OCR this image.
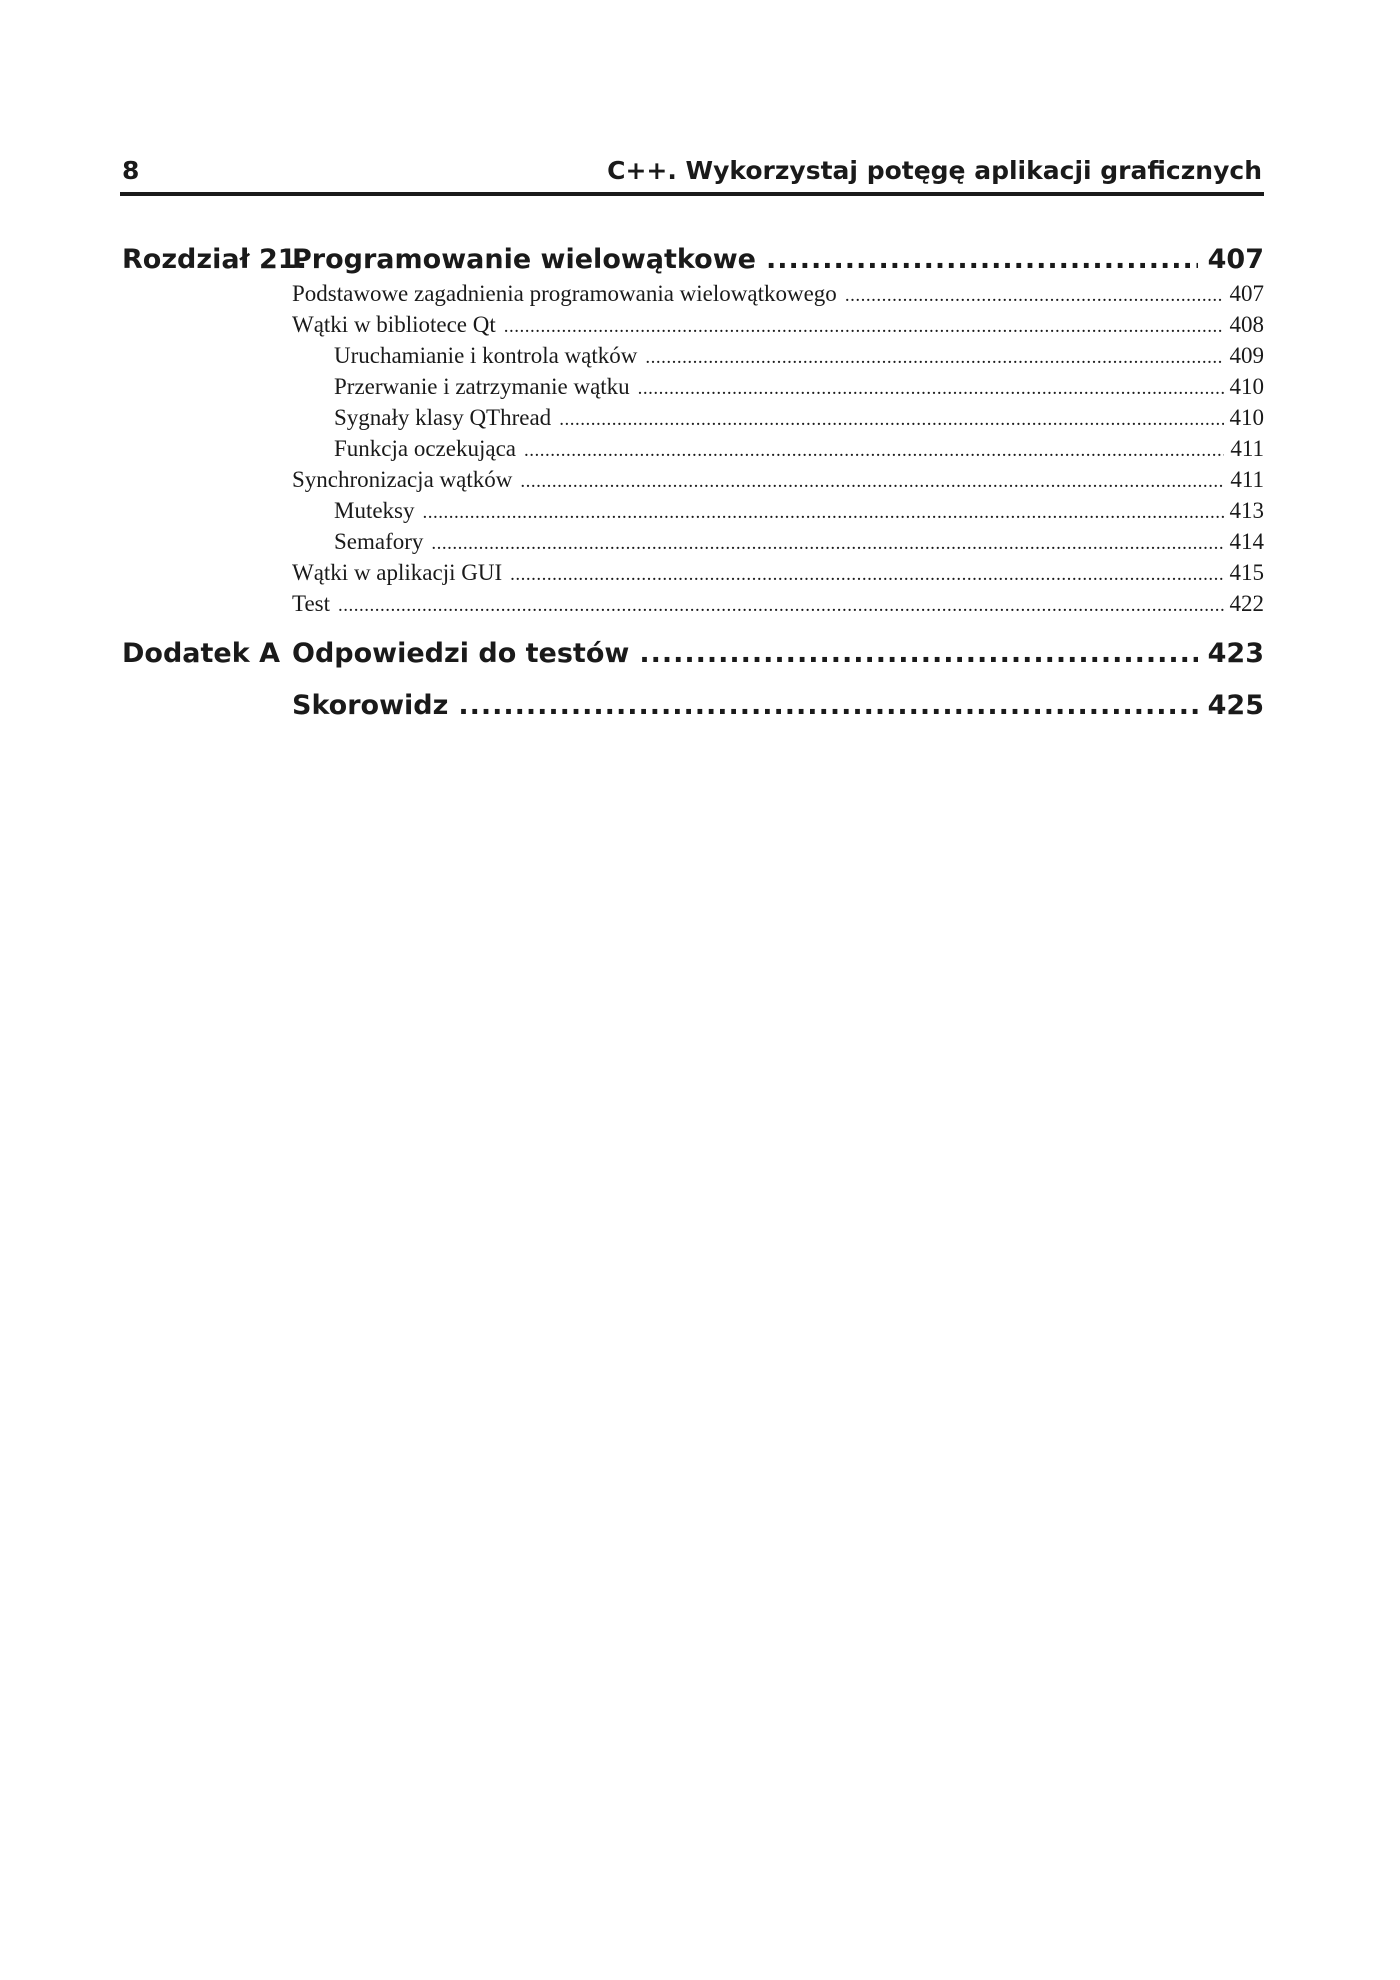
8	C++. Wykorzystaj potęgę aplikacji graficznych
Rozdział 21.
Programowanie wielowątkowe .....	407
Podstawowe zagadnienia programowania wielowątkowego .....	407
Wątki w bibliotece Qt .....	408
Uruchamianie i kontrola wątków .....	409
Przerwanie i zatrzymanie wątku .....	410
Sygnały klasy QThread .....	410
Funkcja oczekująca .....	411
Synchronizacja wątków .....	411
Muteksy .....	413
Semafory .....	414
Wątki w aplikacji GUI .....	415
Test .....	422
Dodatek A Odpowiedzi do testów .....	423
Skorowidz .....	425
